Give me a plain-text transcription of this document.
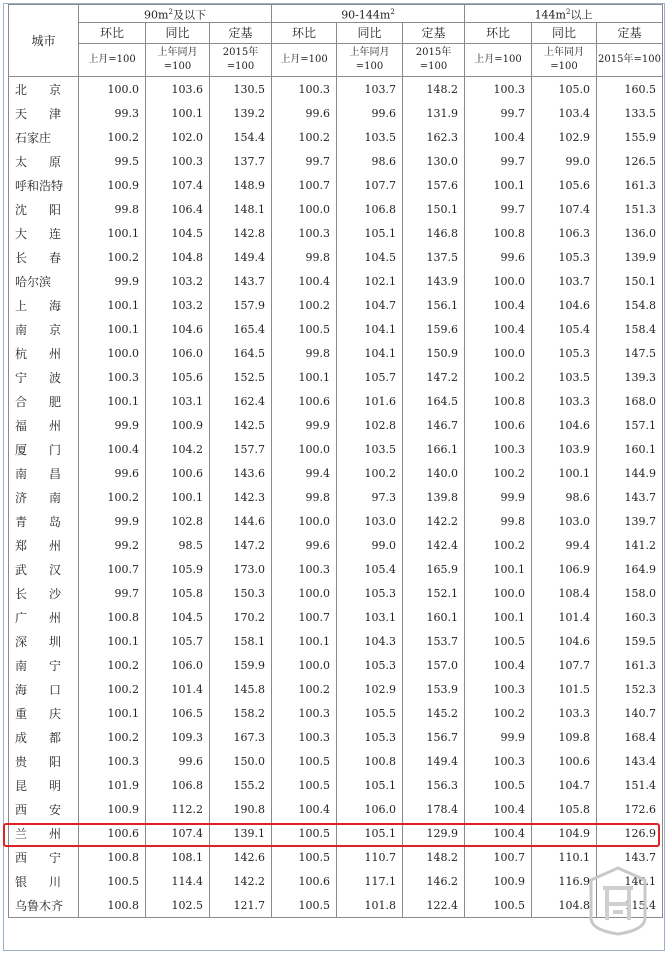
城市	$90m^2$及以下			$90-144m^2$			$144m^2$以上		
	环比	同比	定基	环比	同比	定基	环比	同比	定基

	上月=100	上年同月=100	2015年=100	上月=100	上年同月=100	2015年=100	上月=100	上年同月=100	2015年=100

北 京	100.0	103.6	130.5	100.3	103.7	148.2	100.3	105.0	160.5

天 津	99.3	100.1	139.2	99.6	99.6	131.9	99.7	103.4	133.5
石家庄	100.2	102.0	154.4	100.2	103.5	162.3	100.4	102.9	155.9

太 原	99.5	100.3	137.7	99.7	98.6	130.0	99.7	99.0	126.5
呼和浩特	100.9	107.4	148.9	100.7	107.7	157.6	100.1	105.6	161.3

沈 阳	99.8	106.4	148.1	100.0	106.8	150.1	99.7	107.4	151.3

大 连	100.1	104.5	142.8	100.3	105.1	146.8	100.8	106.3	136.0

长 春	100.2	104.8	149.4	99.8	104.5	137.5	99.6	105.3	139.9
哈尔滨	99.9	103.2	143.7	100.4	102.1	143.9	100.0	103.7	150.1

上 海	100.1	103.2	157.9	100.2	104.7	156.1	100.4	104.6	154.8

南 京	100.1	104.6	165.4	100.5	104.1	159.6	100.4	105.4	158.4

杭 州	100.0	106.0	164.5	99.8	104.1	150.9	100.0	105.3	147.5

宁 波	100.3	105.6	152.5	100.1	105.7	147.2	100.2	103.5	139.3

合 肥	100.1	103.1	162.4	100.6	101.6	164.5	100.8	103.3	168.0

福 州	99.9	100.9	142.5	99.9	102.8	146.7	100.6	104.6	157.1

厦 门	100.4	104.2	157.7	100.0	103.5	166.1	100.3	103.9	160.1

南 昌	99.6	100.6	143.6	99.4	100.2	140.0	100.2	100.1	144.9

济 南	100.2	100.1	142.3	99.8	97.3	139.8	99.9	98.6	143.7

青 岛	99.9	102.8	144.6	100.0	103.0	142.2	99.8	103.0	139.7

郑 州	99.2	98.5	147.2	99.6	99.0	142.4	100.2	99.4	141.2

武 汉	100.7	105.9	173.0	100.3	105.4	165.9	100.1	106.9	164.9

长 沙	99.7	105.8	150.3	100.0	105.3	152.1	100.0	108.4	158.0

广 州	100.8	104.5	170.2	100.7	103.1	160.1	100.1	101.4	160.3

深 圳	100.1	105.7	158.1	100.1	104.3	153.7	100.5	104.6	159.5

南 宁	100.2	106.0	159.9	100.0	105.3	157.0	100.4	107.7	161.3

海 口	100.2	101.4	145.8	100.2	102.9	153.9	100.3	101.5	152.3

重 庆	100.1	106.5	158.2	100.3	105.5	145.2	100.2	103.3	140.7

成 都	100.2	109.3	167.3	100.3	105.3	156.7	99.9	109.8	168.4

贵 阳	100.3	99.6	150.0	100.5	100.8	149.4	100.3	100.6	143.4

昆 明	101.9	106.8	155.2	100.5	105.1	156.3	100.5	104.7	151.4

西 安	100.9	112.2	190.8	100.4	106.0	178.4	100.4	105.8	172.6

兰 州	100.6	107.4	139.1	100.5	105.1	129.9	100.4	104.9	126.9

西 宁	100.8	108.1	142.6	100.5	110.7	148.2	100.7	110.1	143.7

银 川	100.5	114.4	142.2	100.6	117.1	146.2	100.9	116.9	146.1
乌鲁木齐	100.8	102.5	121.7	100.5	101.8	122.4	100.5	104.8	115.4
